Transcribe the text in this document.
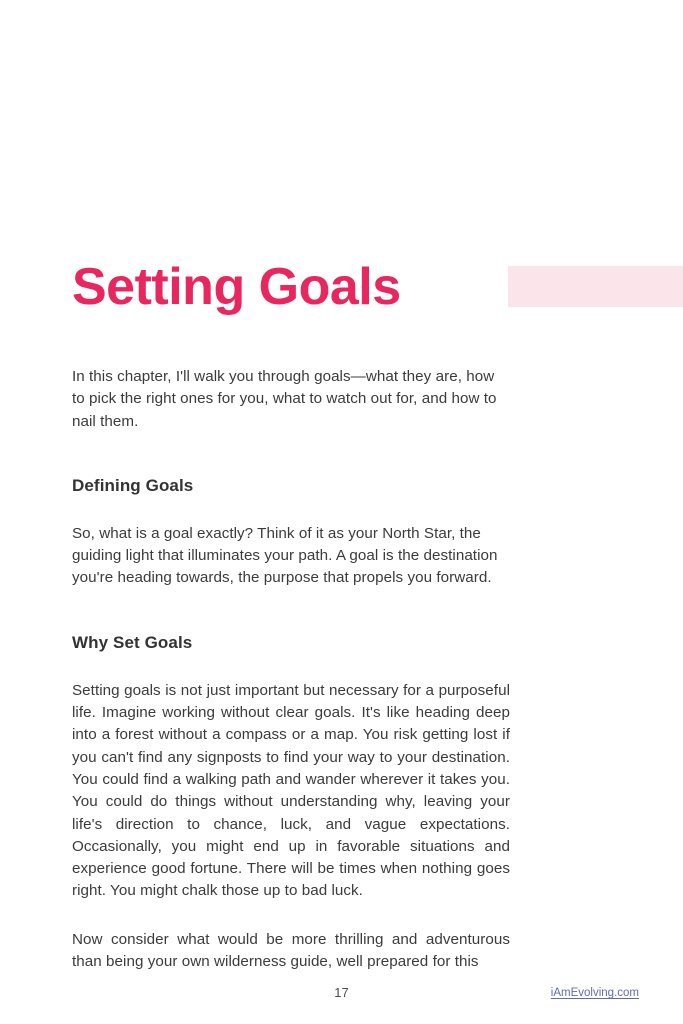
Setting Goals

In this chapter, I'll walk you through goals—what they are, how to pick the right ones for you, what to watch out for, and how to nail them.

Defining Goals

So, what is a goal exactly? Think of it as your North Star, the guiding light that illuminates your path. A goal is the destination you're heading towards, the purpose that propels you forward.

Why Set Goals

Setting goals is not just important but necessary for a purposeful life. Imagine working without clear goals. It's like heading deep into a forest without a compass or a map. You risk getting lost if you can't find any signposts to find your way to your destination. You could find a walking path and wander wherever it takes you. You could do things without understanding why, leaving your life's direction to chance, luck, and vague expectations. Occasionally, you might end up in favorable situations and experience good fortune. There will be times when nothing goes right. You might chalk those up to bad luck.

Now consider what would be more thrilling and adventurous than being your own wilderness guide, well prepared for this

17	iAmEvolving.com
